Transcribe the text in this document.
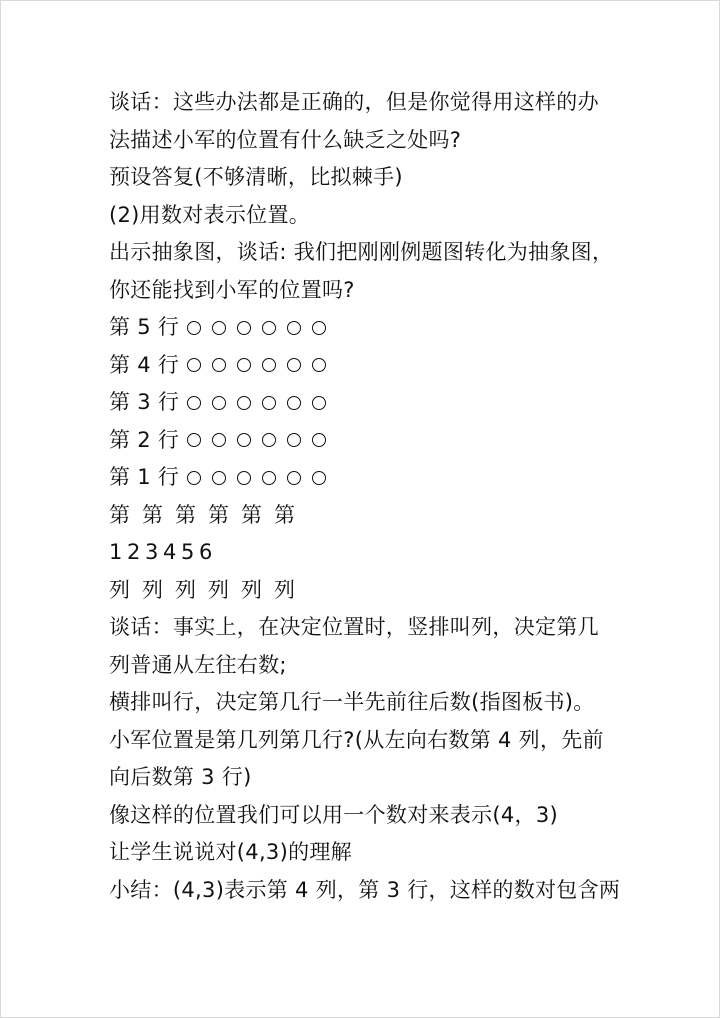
谈话：这些办法都是正确的，但是你觉得用这样的办
法描述小军的位置有什么缺乏之处吗?
预设答复(不够清晰，比拟棘手)
(2)用数对表示位置。
出示抽象图，谈话: 我们把刚刚例题图转化为抽象图，
你还能找到小军的位置吗?
第 5 行
第 4 行
第 3 行
第 2 行
第 1 行
第 第 第 第 第 第
1 2 3 4 5 6
列 列 列 列 列 列
谈话：事实上，在决定位置时，竖排叫列，决定第几
列普通从左往右数;
横排叫行，决定第几行一半先前往后数(指图板书)。
小军位置是第几列第几行?(从左向右数第 4 列，先前
向后数第 3 行)
像这样的位置我们可以用一个数对来表示(4，3)
让学生说说对(4,3)的理解
小结：(4,3)表示第 4 列，第 3 行，这样的数对包含两
